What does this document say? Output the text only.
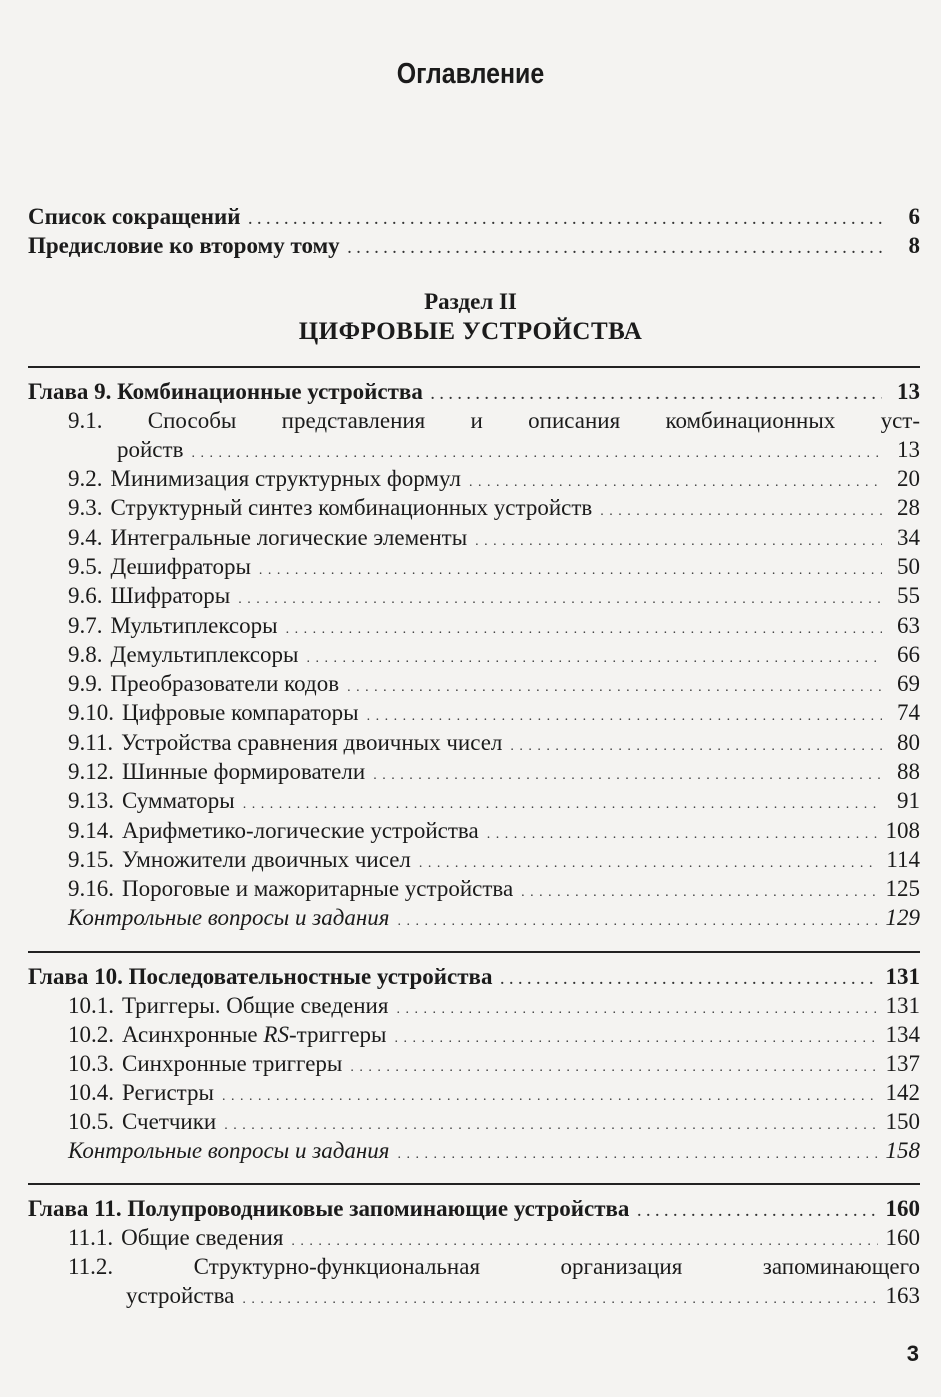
Оглавление
Список сокращений . . .	6
Предисловие ко второму тому . . .	8
Глава 9. Комбинационные устройства . . .	13
9.1. Способы представления и описания комбинационных уст-
ройств . . .	13
9.2. Минимизация структурных формул . . .	20
9.3. Структурный синтез комбинационных устройств . . .	28
9.4. Интегральные логические элементы . . .	34
9.5. Дешифраторы . . .	50
9.6. Шифраторы . . .	55
9.7. Мультиплексоры . . .	63
9.8. Демультиплексоры . . .	66
9.9. Преобразователи кодов . . .	69
9.10. Цифровые компараторы . . .	74
9.11. Устройства сравнения двоичных чисел . . .	80
9.12. Шинные формирователи . . .	88
9.13. Сумматоры . . .	91
9.14. Арифметико-логические устройства . . .	108
9.15. Умножители двоичных чисел . . .	114
9.16. Пороговые и мажоритарные устройства . . .	125
Контрольные вопросы и задания . . .	129
Глава 10. Последовательностные устройства . . .	131
10.1. Триггеры. Общие сведения . . .	131
10.2. Асинхронные RS-триггеры . . .	134
10.3. Синхронные триггеры . . .	137
10.4. Регистры . . .	142
10.5. Счетчики . . .	150
Контрольные вопросы и задания . . .	158
Глава 11. Полупроводниковые запоминающие устройства . . .	160
11.1. Общие сведения . . .	160
11.2.	Структурно-функциональная	организация	запоминающего
устройства . . .	163
Раздел II
ЦИФРОВЫЕ УСТРОЙСТВА
3
